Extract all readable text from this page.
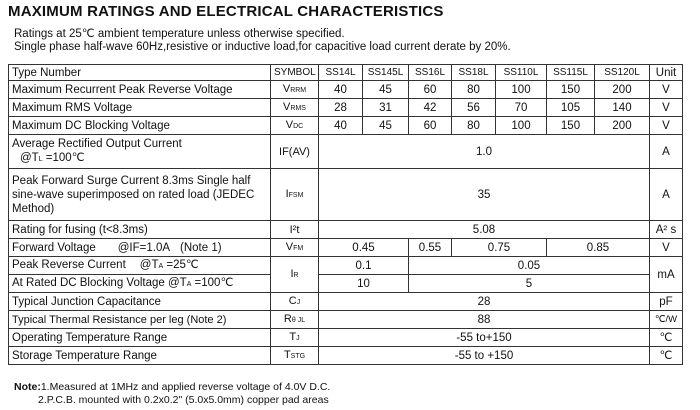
MAXIMUM RATINGS AND ELECTRICAL CHARACTERISTICS
Ratings at 25℃ ambient temperature unless otherwise specified.
Single phase half-wave 60Hz,resistive or inductive load,for capacitive load current derate by 20%.
Type Number	SYMBOL	SS14L	SS145L	SS16L	SS18L	SS110L	SS115L	SS120L	Unit
Maximum Recurrent Peak Reverse Voltage	VRRM	40	45	60	80	100	150	200	V
Maximum RMS Voltage	VRMS	28	31	42	56	70	105	140	V
Maximum DC Blocking Voltage	VDC	40	45	60	80	100	150	200	V

Average Rectified Output Current
@TL =100℃	IF(AV)	1.0							A
Peak Forward Surge Current 8.3ms Single half sine-wave superimposed on rated load (JEDEC Method)	IFSM	35							A
Rating for fusing (t<8.3ms)	I²t	5.08							A² s
Forward Voltage @IF=1.0A (Note 1)	VFM	0.45		0.55	0.75		0.85		V
Peak Reverse Current @TA =25℃	IR	0.1		0.05					mA
At Rated DC Blocking Voltage @TA =100℃		10		5					
Typical Junction Capacitance	CJ	28							pF
Typical Thermal Resistance per leg (Note 2)	Rθ JL	88							℃/W
Operating Temperature Range	TJ	-55 to+150							℃
Storage Temperature Range	TSTG	-55 to +150							℃
Note:1.Measured at 1MHz and applied reverse voltage of 4.0V D.C.
2.P.C.B. mounted with 0.2x0.2" (5.0x5.0mm) copper pad areas
